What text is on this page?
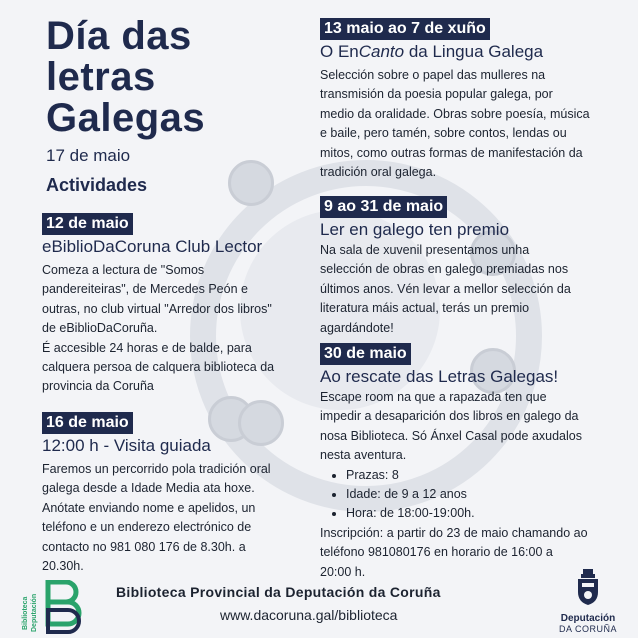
Día das
letras
Galegas
17 de maio
Actividades
12 de maio
eBiblioDaCoruna Club Lector

Comeza a lectura de "Somos

pandereiteiras", de Mercedes Peón e

outras, no club virtual "Arredor dos libros"

de eBiblioDaCoruña.

É accesible 24 horas e de balde, para

calquera persoa de calquera biblioteca da

provincia da Coruña

16 de maio
12:00 h - Visita guiada

Faremos un percorrido pola tradición oral

galega desde a Idade Media ata hoxe.

Anótate enviando nome e apelidos, un

teléfono e un enderezo electrónico de

contacto no 981 080 176 de 8.30h. a

20.30h.

13 maio ao 7 de xuño
O EnCanto da Lingua Galega

Selección sobre o papel das mulleres na

transmisión da poesia popular galega, por

medio da oralidade. Obras sobre poesía, música

e baile, pero tamén, sobre contos, lendas ou

mitos, como outras formas de manifestación da

tradición oral galega.

9 ao 31 de maio
Ler en galego ten premio

Na sala de xuvenil presentamos unha

selección de obras en galego premiadas nos

últimos anos. Vén levar a mellor selección da

literatura máis actual, terás un premio

agardándote!

30 de maio
Ao rescate das Letras Galegas!

Escape room na que a rapazada ten que

impedir a desaparición dos libros en galego da

nosa Biblioteca. Só Ánxel Casal pode axudalos

nesta aventura.

• Prazas: 8
• Idade: de 9 a 12 anos
• Hora: de 18:00-19:00h.

Inscripción: a partir do 23 de maio chamando ao

teléfono 981080176 en horario de 16:00 a

20:00 h.

Biblioteca Deputación
Biblioteca Provincial da Deputación da Coruña
www.dacoruna.gal/biblioteca	Deputación
DA CORUÑA
